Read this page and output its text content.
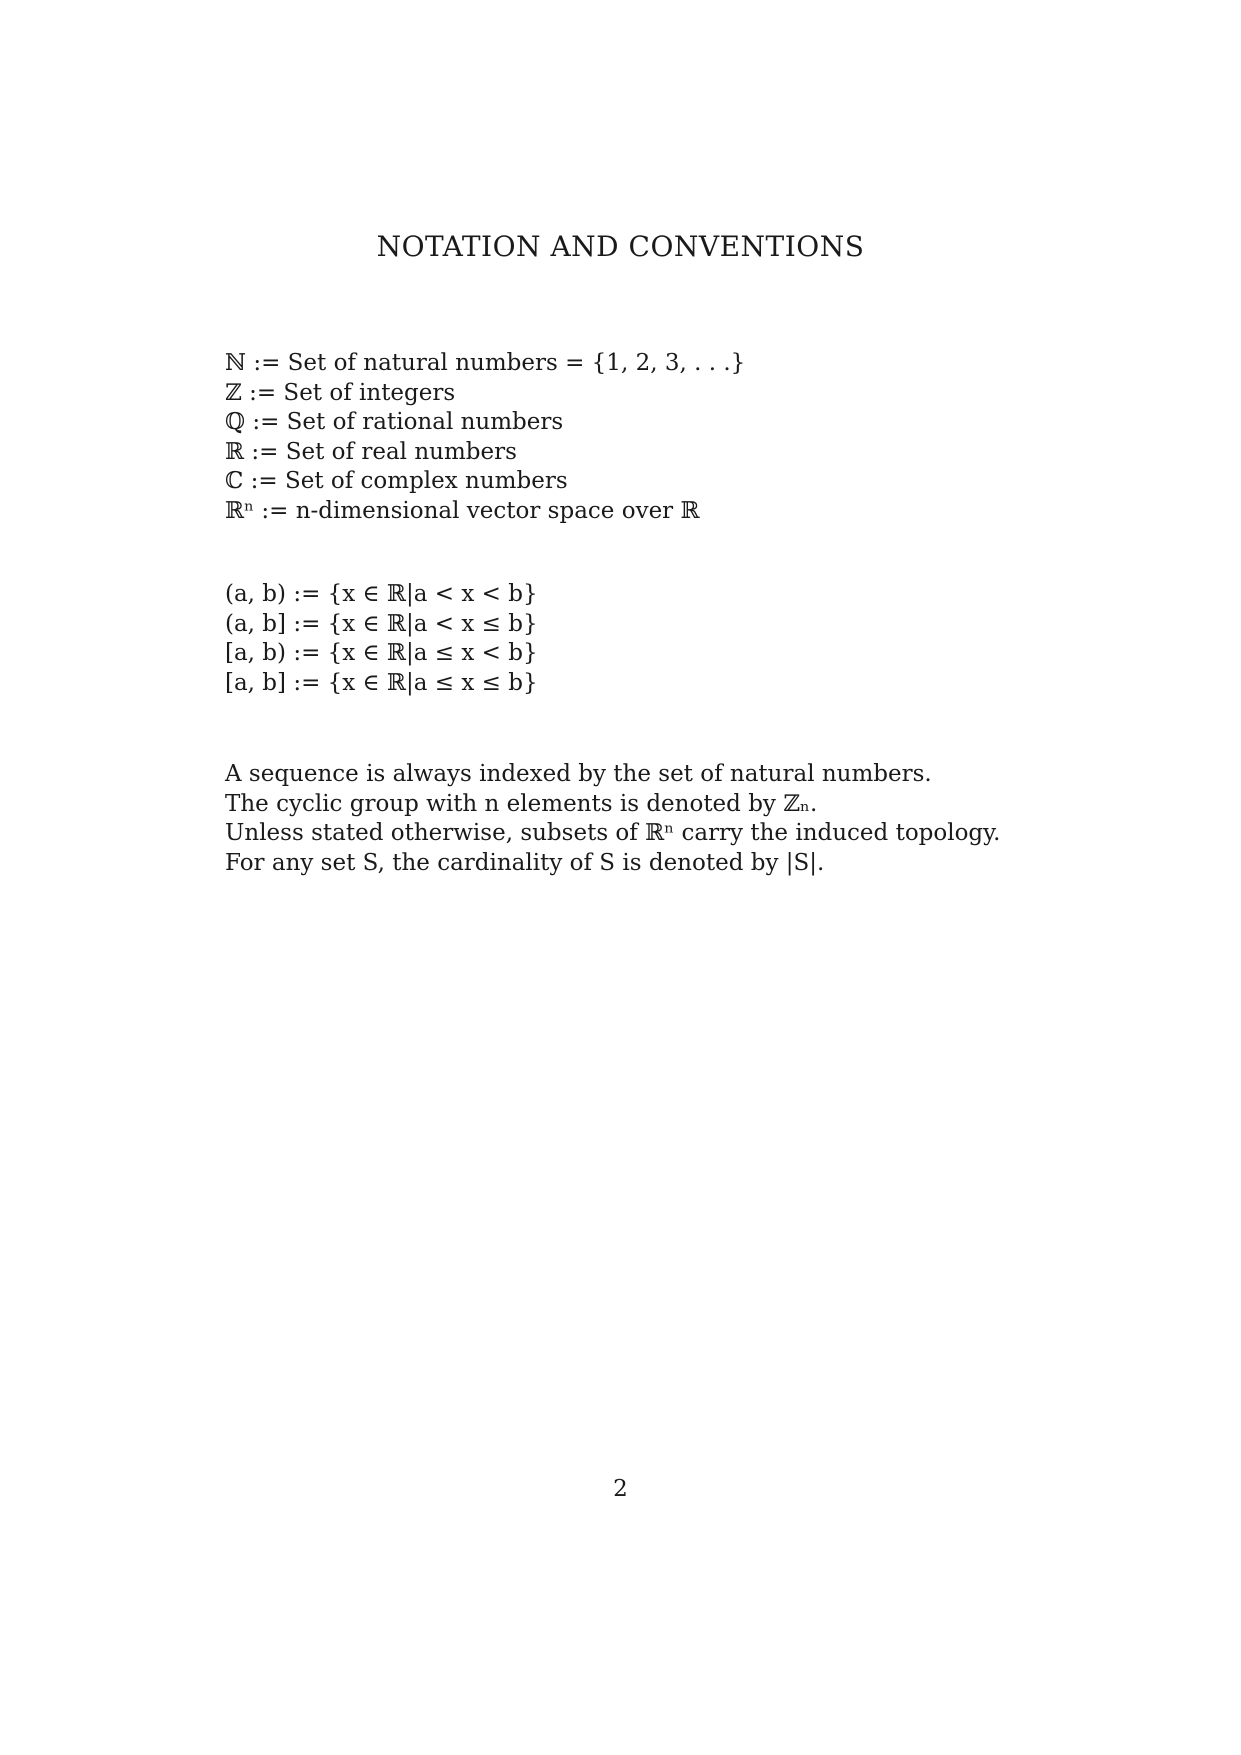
NOTATION AND CONVENTIONS
ℕ := Set of natural numbers = {1, 2, 3, . . .}
ℤ := Set of integers
ℚ := Set of rational numbers
ℝ := Set of real numbers
ℂ := Set of complex numbers
ℝⁿ := n-dimensional vector space over ℝ
(a, b) := {x ∈ ℝ|a < x < b}
(a, b] := {x ∈ ℝ|a < x ≤ b}
[a, b) := {x ∈ ℝ|a ≤ x < b}
[a, b] := {x ∈ ℝ|a ≤ x ≤ b}
A sequence is always indexed by the set of natural numbers.
The cyclic group with n elements is denoted by ℤₙ.
Unless stated otherwise, subsets of ℝⁿ carry the induced topology.
For any set S, the cardinality of S is denoted by |S|.
2
